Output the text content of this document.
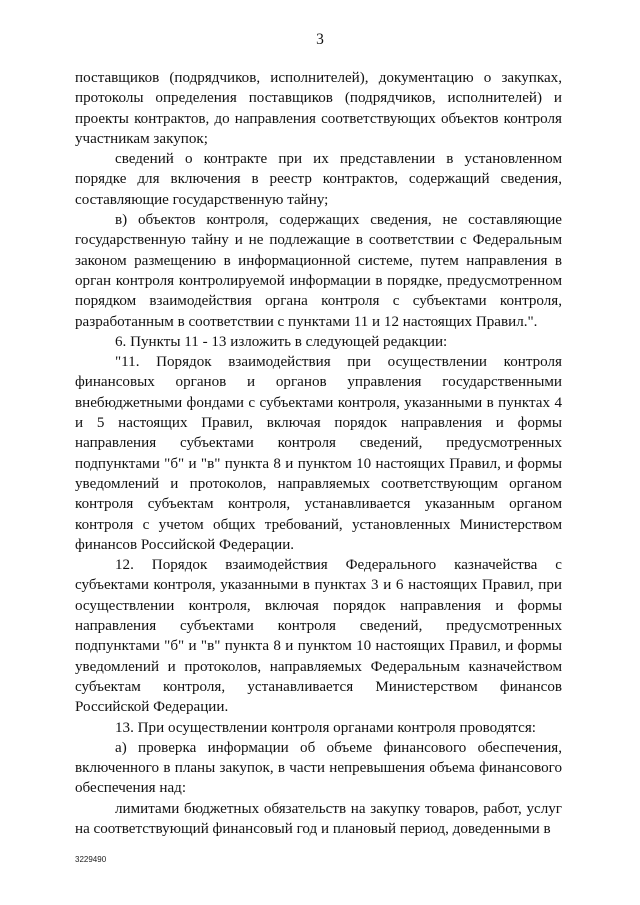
3

поставщиков (подрядчиков, исполнителей), документацию о закупках, протоколы определения поставщиков (подрядчиков, исполнителей) и проекты контрактов, до направления соответствующих объектов контроля участникам закупок;

сведений о контракте при их представлении в установленном порядке для включения в реестр контрактов, содержащий сведения, составляющие государственную тайну;

в) объектов контроля, содержащих сведения, не составляющие государственную тайну и не подлежащие в соответствии с Федеральным законом размещению в информационной системе, путем направления в орган контроля контролируемой информации в порядке, предусмотренном порядком взаимодействия органа контроля с субъектами контроля, разработанным в соответствии с пунктами 11 и 12 настоящих Правил.".

6. Пункты 11 - 13 изложить в следующей редакции:

"11. Порядок взаимодействия при осуществлении контроля финансовых органов и органов управления государственными внебюджетными фондами с субъектами контроля, указанными в пунктах 4 и 5 настоящих Правил, включая порядок направления и формы направления субъектами контроля сведений, предусмотренных подпунктами "б" и "в" пункта 8 и пунктом 10 настоящих Правил, и формы уведомлений и протоколов, направляемых соответствующим органом контроля субъектам контроля, устанавливается указанным органом контроля с учетом общих требований, установленных Министерством финансов Российской Федерации.

12. Порядок взаимодействия Федерального казначейства с субъектами контроля, указанными в пунктах 3 и 6 настоящих Правил, при осуществлении контроля, включая порядок направления и формы направления субъектами контроля сведений, предусмотренных подпунктами "б" и "в" пункта 8 и пунктом 10 настоящих Правил, и формы уведомлений и протоколов, направляемых Федеральным казначейством субъектам контроля, устанавливается Министерством финансов Российской Федерации.

13. При осуществлении контроля органами контроля проводятся:

а) проверка информации об объеме финансового обеспечения, включенного в планы закупок, в части непревышения объема финансового обеспечения над:

лимитами бюджетных обязательств на закупку товаров, работ, услуг на соответствующий финансовый год и плановый период, доведенными в

3229490
